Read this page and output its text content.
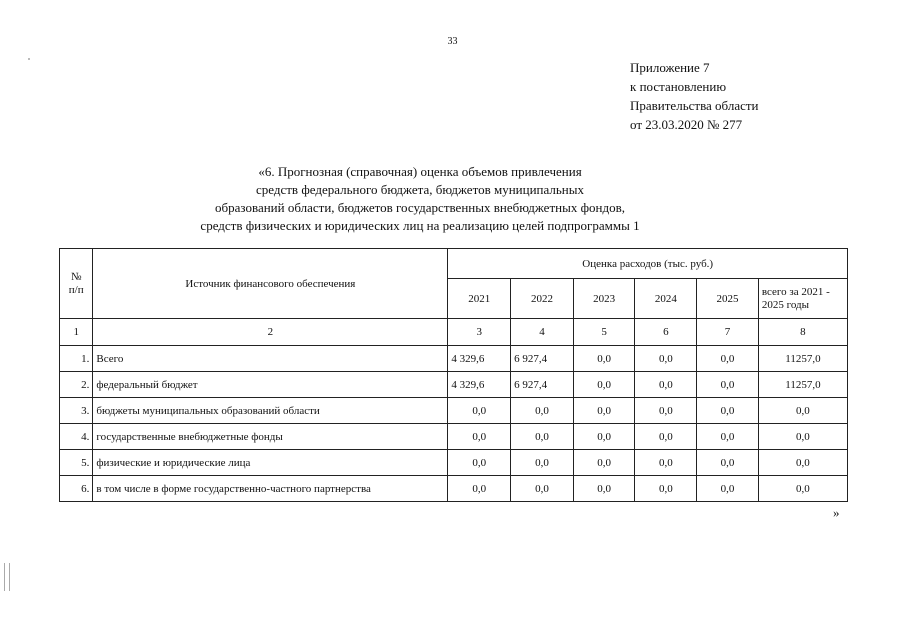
33
Приложение 7
к постановлению
Правительства области
от 23.03.2020 № 277
«6. Прогнозная (справочная) оценка объемов привлечения
средств федерального бюджета, бюджетов муниципальных
образований области, бюджетов государственных внебюджетных фондов,
средств физических и юридических лиц на реализацию целей подпрограммы 1
№
п/п	Источник финансового обеспечения	Оценка расходов (тыс. руб.)					
		2021	2022	2023	2024	2025	всего за 2021 - 2025 годы
1	2	3	4	5	6	7	8
1.	Всего	4 329,6	6 927,4	0,0	0,0	0,0	11257,0
2.	федеральный бюджет	4 329,6	6 927,4	0,0	0,0	0,0	11257,0
3.	бюджеты муниципальных образований области	0,0	0,0	0,0	0,0	0,0	0,0
4.	государственные внебюджетные фонды	0,0	0,0	0,0	0,0	0,0	0,0
5.	физические и юридические лица	0,0	0,0	0,0	0,0	0,0	0,0
6.	в том числе в форме государственно-частного партнерства	0,0	0,0	0,0	0,0	0,0	0,0
»
